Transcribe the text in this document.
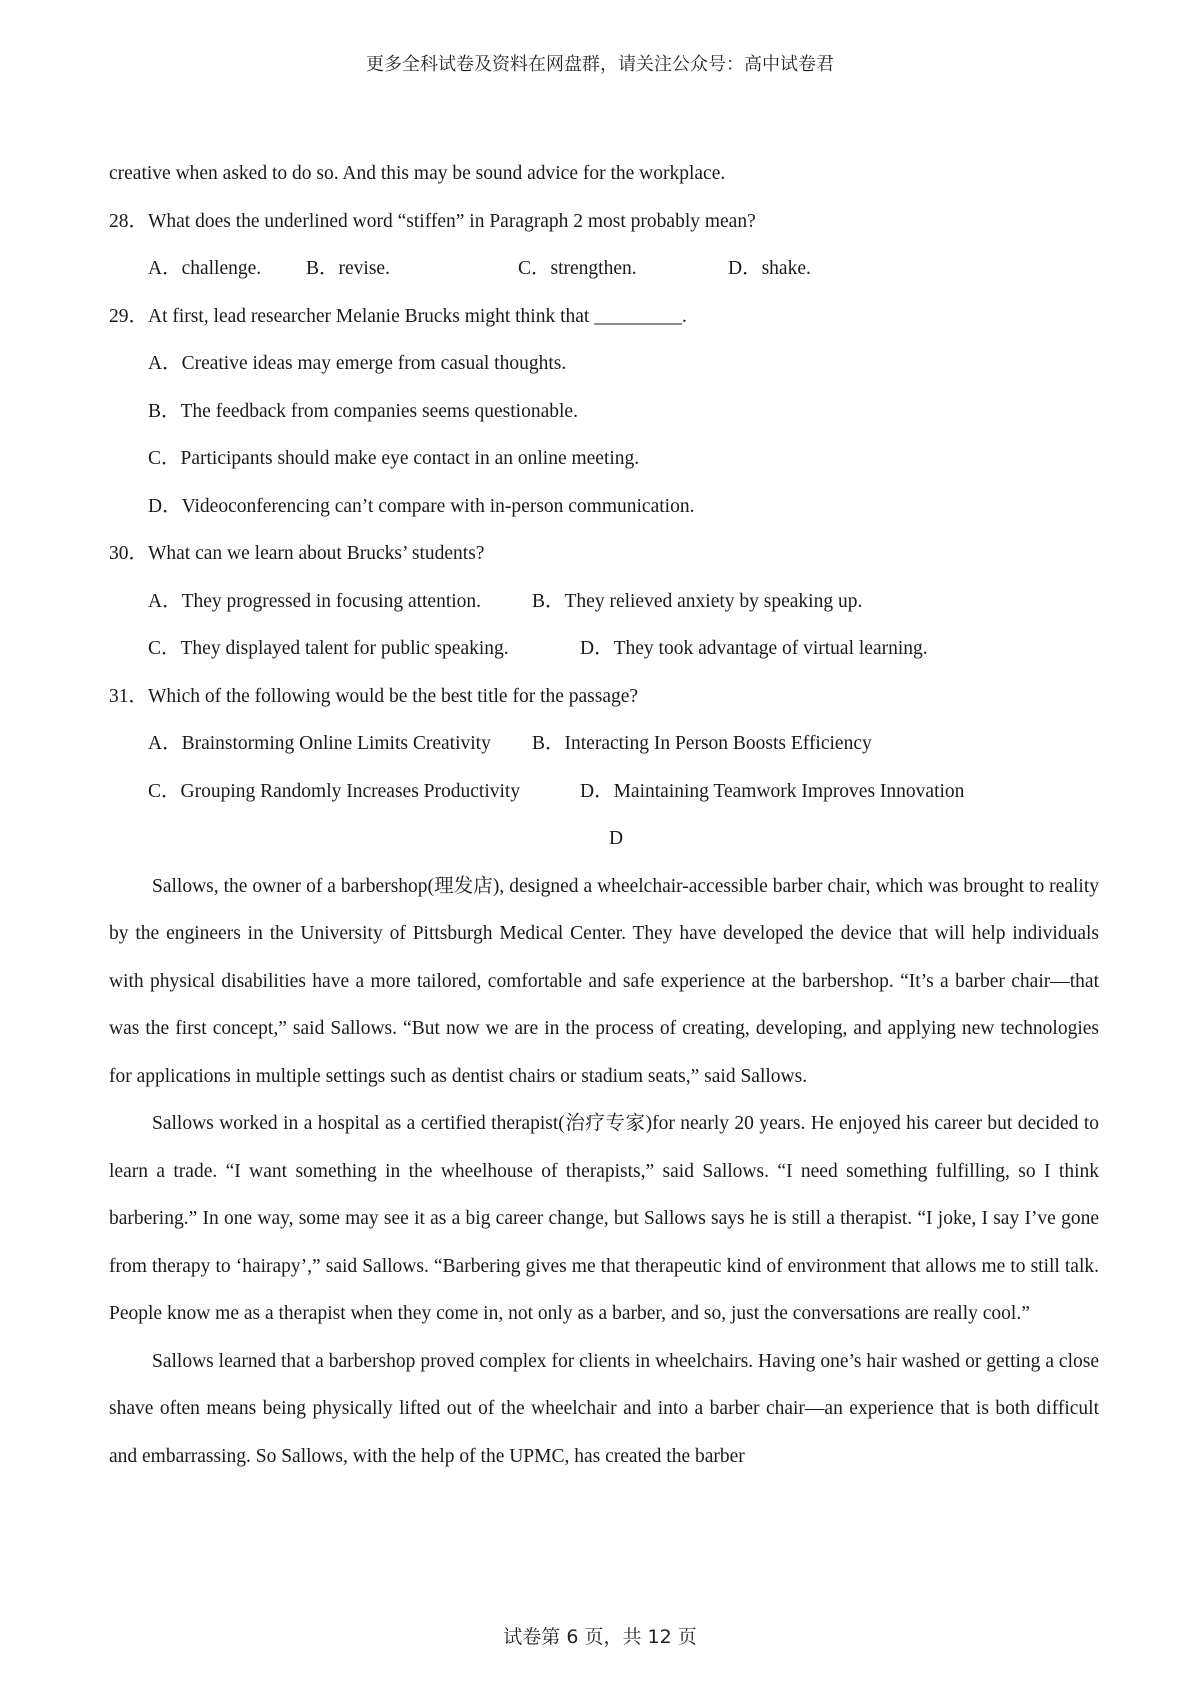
更多全科试卷及资料在网盘群，请关注公众号：高中试卷君
creative when asked to do so. And this may be sound advice for the workplace.
28．What does the underlined word “stiffen” in Paragraph 2 most probably mean?
A．challenge. B．revise.	C．strengthen.	D．shake.
29．At first, lead researcher Melanie Brucks might think that _________.
A．Creative ideas may emerge from casual thoughts.
B．The feedback from companies seems questionable.
C．Participants should make eye contact in an online meeting.
D．Videoconferencing can’t compare with in-person communication.
30．What can we learn about Brucks’ students?
A．They progressed in focusing attention.	B．They relieved anxiety by speaking up.
C．They displayed talent for public speaking.	D．They took advantage of virtual learning.
31．Which of the following would be the best title for the passage?
A．Brainstorming Online Limits Creativity B．Interacting In Person Boosts Efficiency
C．Grouping Randomly Increases Productivity	D．Maintaining Teamwork Improves Innovation
D

Sallows, the owner of a barbershop(理发店), designed a wheelchair-accessible barber chair, which was brought to reality by the engineers in the University of Pittsburgh Medical Center. They have developed the device that will help individuals with physical disabilities have a more tailored, comfortable and safe experience at the barbershop. “It’s a barber chair—that was the first concept,” said Sallows. “But now we are in the process of creating, developing, and applying new technologies for applications in multiple settings such as dentist chairs or stadium seats,” said Sallows.

Sallows worked in a hospital as a certified therapist(治疗专家)for nearly 20 years. He enjoyed his career but decided to learn a trade. “I want something in the wheelhouse of therapists,” said Sallows. “I need something fulfilling, so I think barbering.” In one way, some may see it as a big career change, but Sallows says he is still a therapist. “I joke, I say I’ve gone from therapy to ‘hairapy’,” said Sallows. “Barbering gives me that therapeutic kind of environment that allows me to still talk. People know me as a therapist when they come in, not only as a barber, and so, just the conversations are really cool.”

Sallows learned that a barbershop proved complex for clients in wheelchairs. Having one’s hair washed or getting a close shave often means being physically lifted out of the wheelchair and into a barber chair—an experience that is both difficult and embarrassing. So Sallows, with the help of the UPMC, has created the barber

试卷第 6 页，共 12 页
